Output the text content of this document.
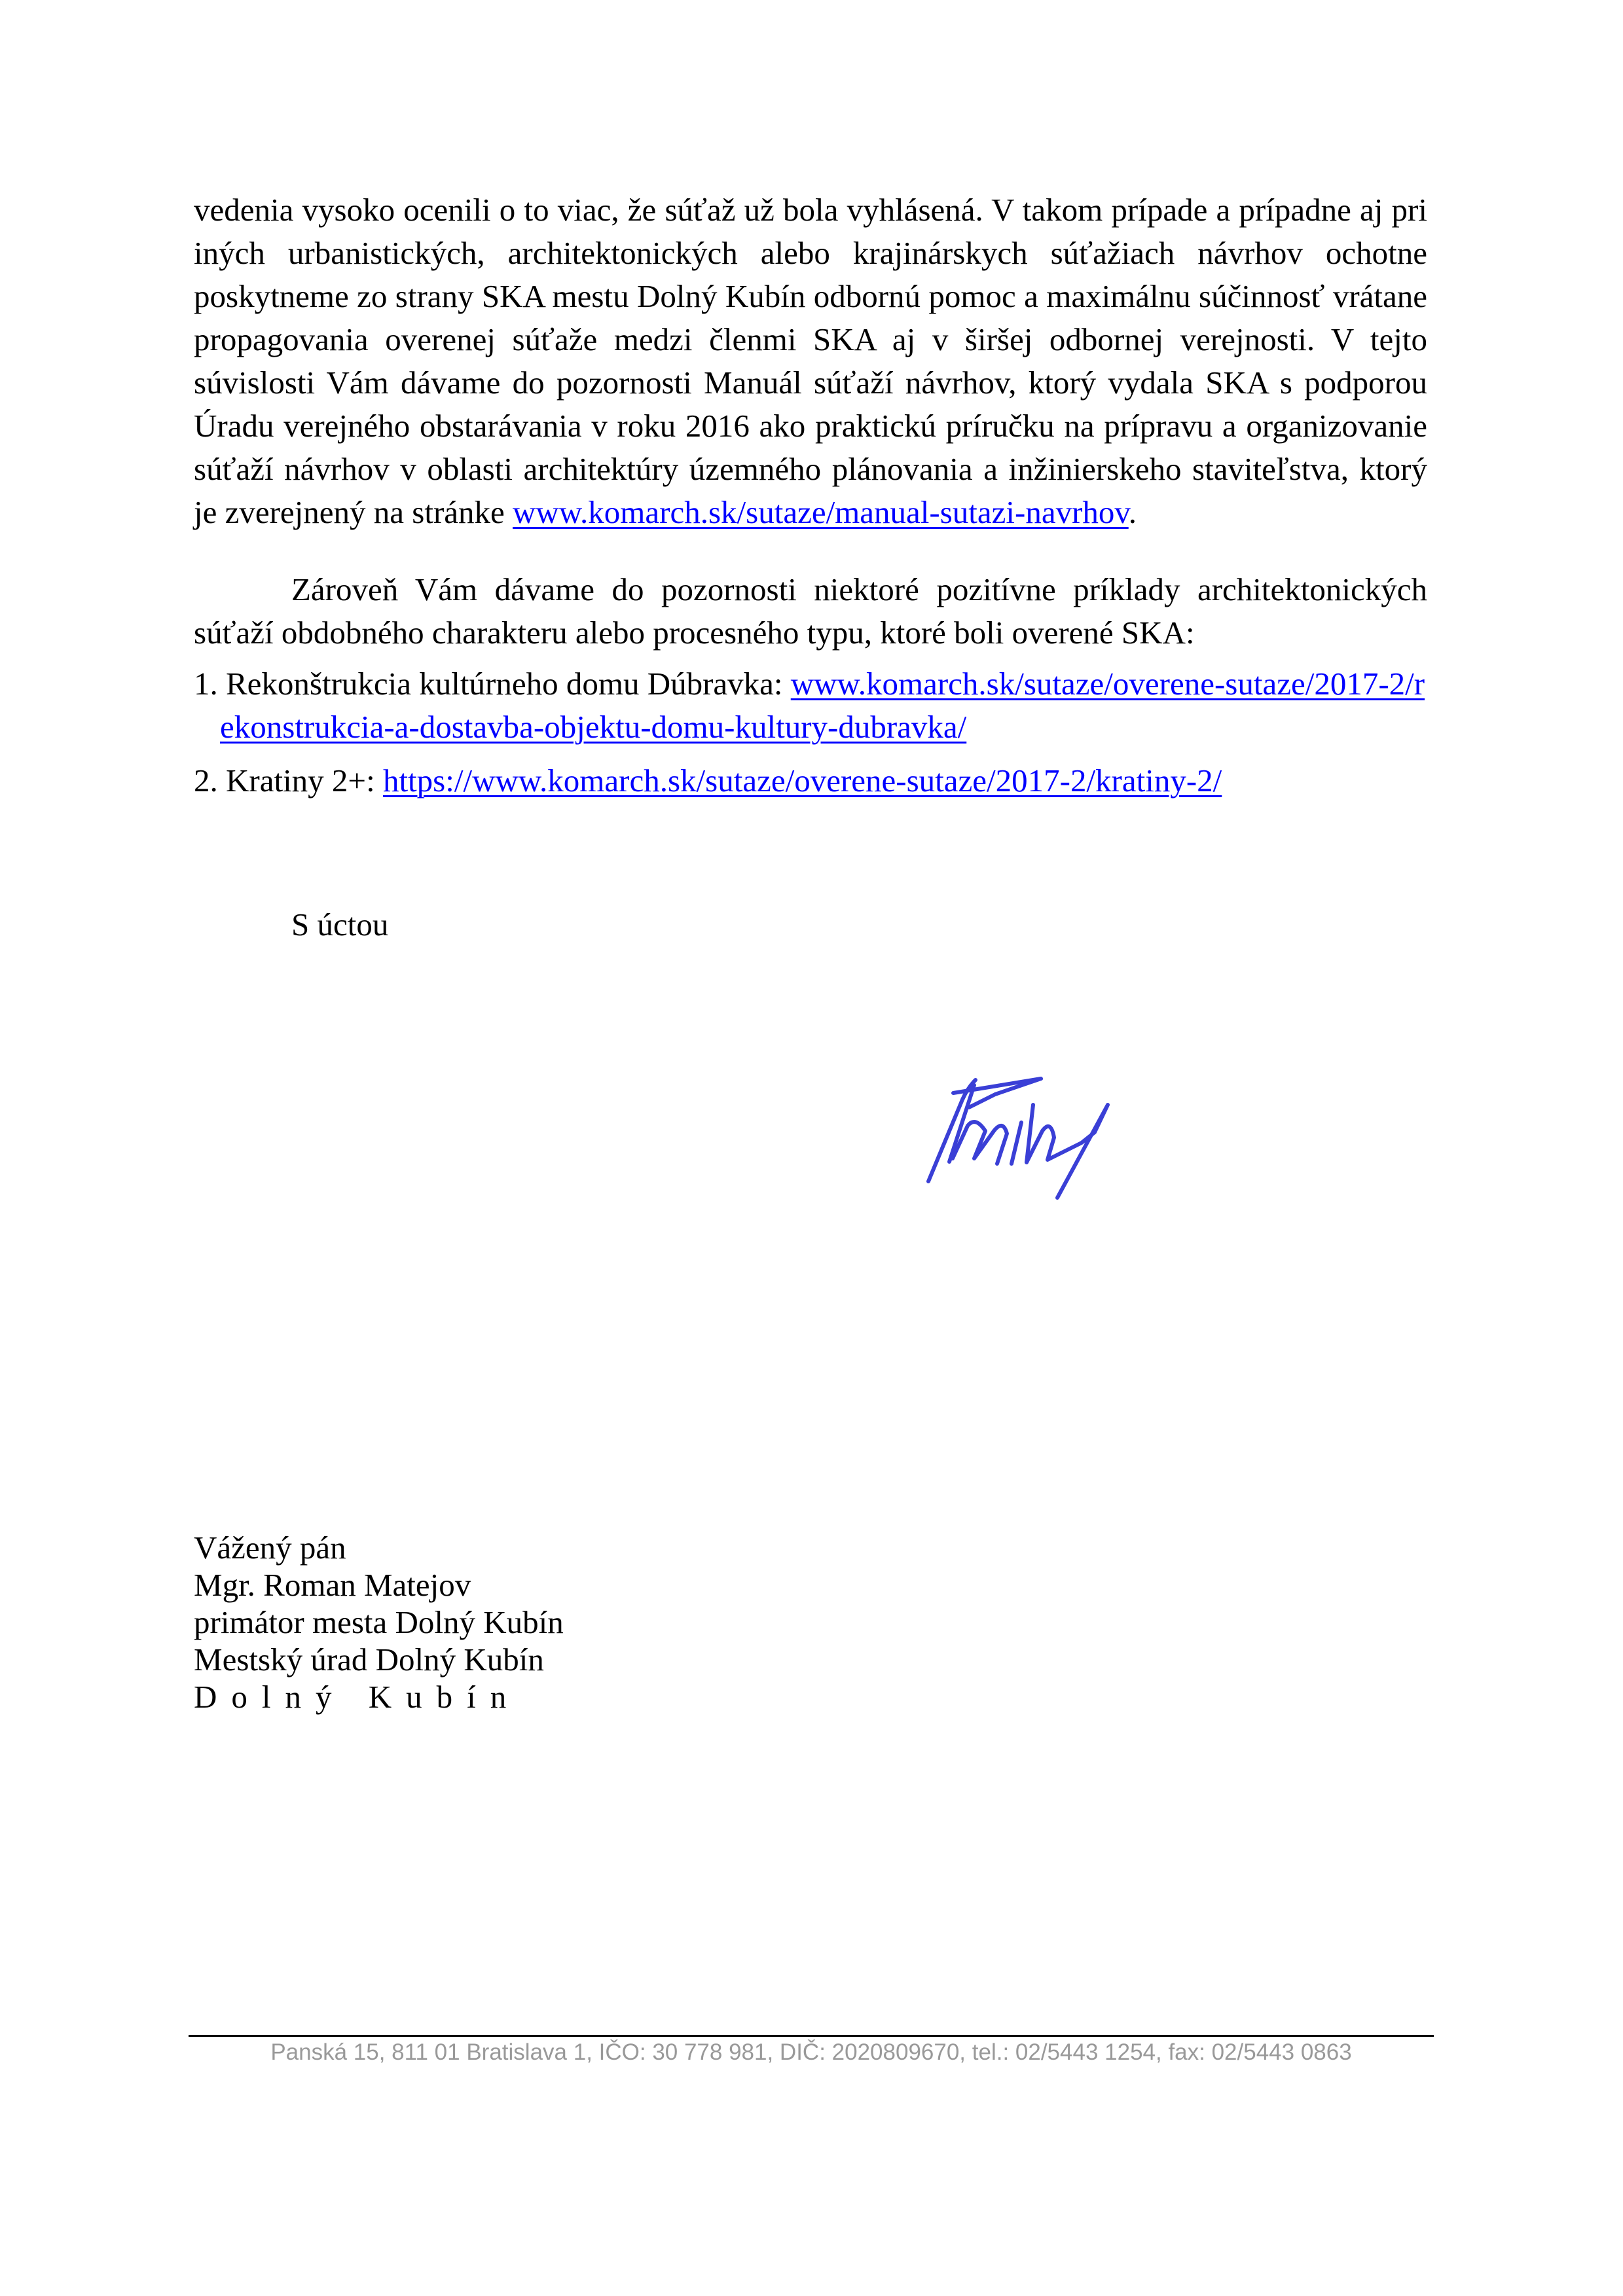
vedenia vysoko ocenili o to viac, že súťaž už bola vyhlásená. V takom prípade a prípadne aj pri iných urbanistických, architektonických alebo krajinárskych súťažiach návrhov ochotne poskytneme zo strany SKA mestu Dolný Kubín odbornú pomoc a maximálnu súčinnosť vrátane propagovania overenej súťaže medzi členmi SKA aj v širšej odbornej verejnosti. V tejto súvislosti Vám dávame do pozornosti Manuál súťaží návrhov, ktorý vydala SKA s podporou Úradu verejného obstarávania v roku 2016 ako praktickú príručku na prípravu a organizovanie súťaží návrhov v oblasti architektúry územného plánovania a inžinierskeho staviteľstva, ktorý je zverejnený na stránke www.komarch.sk/sutaze/manual-sutazi-navrhov.
Zároveň Vám dávame do pozornosti niektoré pozitívne príklady architektonických súťaží obdobného charakteru alebo procesného typu, ktoré boli overené SKA:
1. Rekonštrukcia kultúrneho domu Dúbravka: www.komarch.sk/sutaze/overene-sutaze/2017-2/rekonstrukcia-a-dostavba-objektu-domu-kultury-dubravka/
2. Kratiny 2+: https://www.komarch.sk/sutaze/overene-sutaze/2017-2/kratiny-2/
S úctou
Vážený pán
Mgr. Roman Matejov
primátor mesta Dolný Kubín
Mestský úrad Dolný Kubín
Dolný Kubín
Panská 15, 811 01 Bratislava 1, IČO: 30 778 981, DIČ: 2020809670, tel.: 02/5443 1254, fax: 02/5443 0863
